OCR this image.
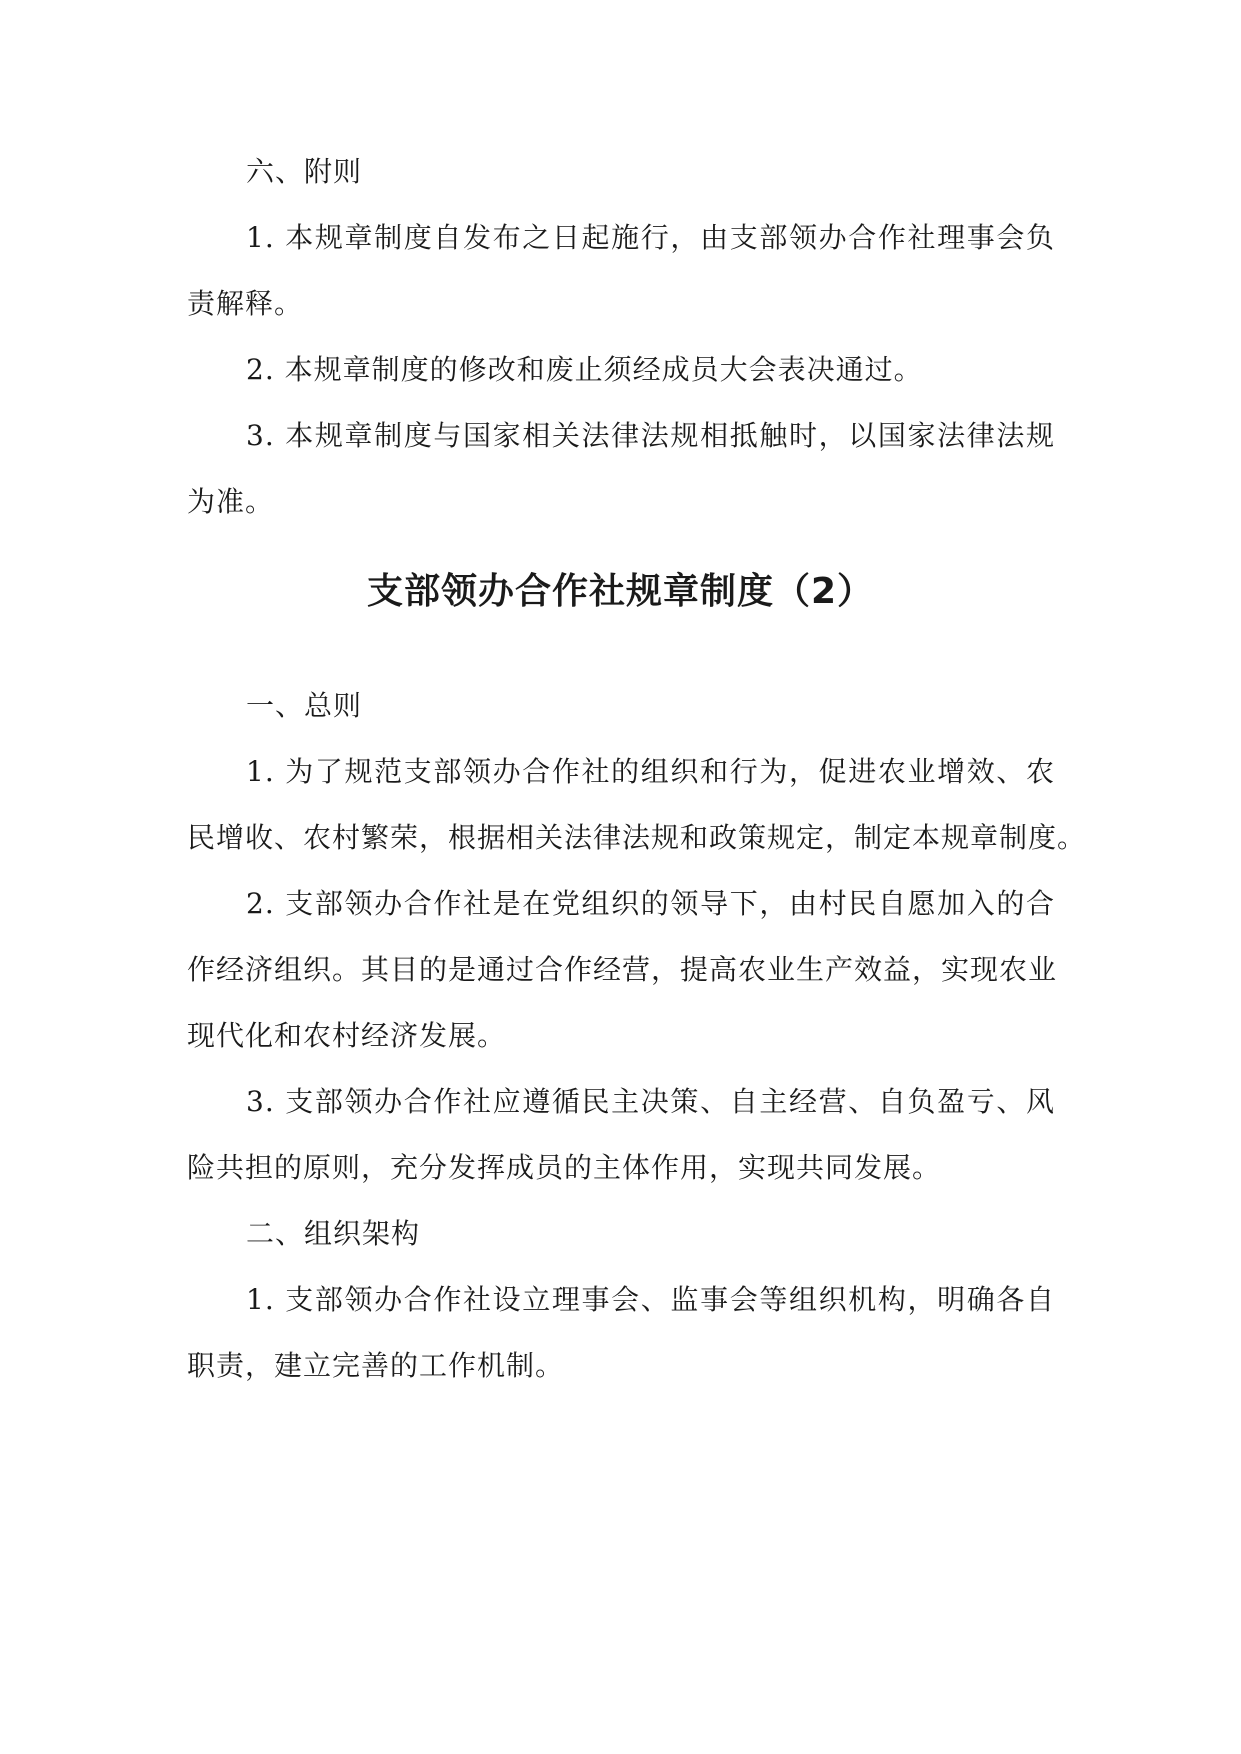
六、附则
1. 本规章制度自发布之日起施行，由支部领办合作社理事会负
责解释。
2. 本规章制度的修改和废止须经成员大会表决通过。
3. 本规章制度与国家相关法律法规相抵触时，以国家法律法规
为准。
支部领办合作社规章制度（2）
一、总则
1. 为了规范支部领办合作社的组织和行为，促进农业增效、农
民增收、农村繁荣，根据相关法律法规和政策规定，制定本规章制度。
2. 支部领办合作社是在党组织的领导下，由村民自愿加入的合
作经济组织。其目的是通过合作经营，提高农业生产效益，实现农业
现代化和农村经济发展。
3. 支部领办合作社应遵循民主决策、自主经营、自负盈亏、风
险共担的原则，充分发挥成员的主体作用，实现共同发展。
二、组织架构
1. 支部领办合作社设立理事会、监事会等组织机构，明确各自
职责，建立完善的工作机制。
